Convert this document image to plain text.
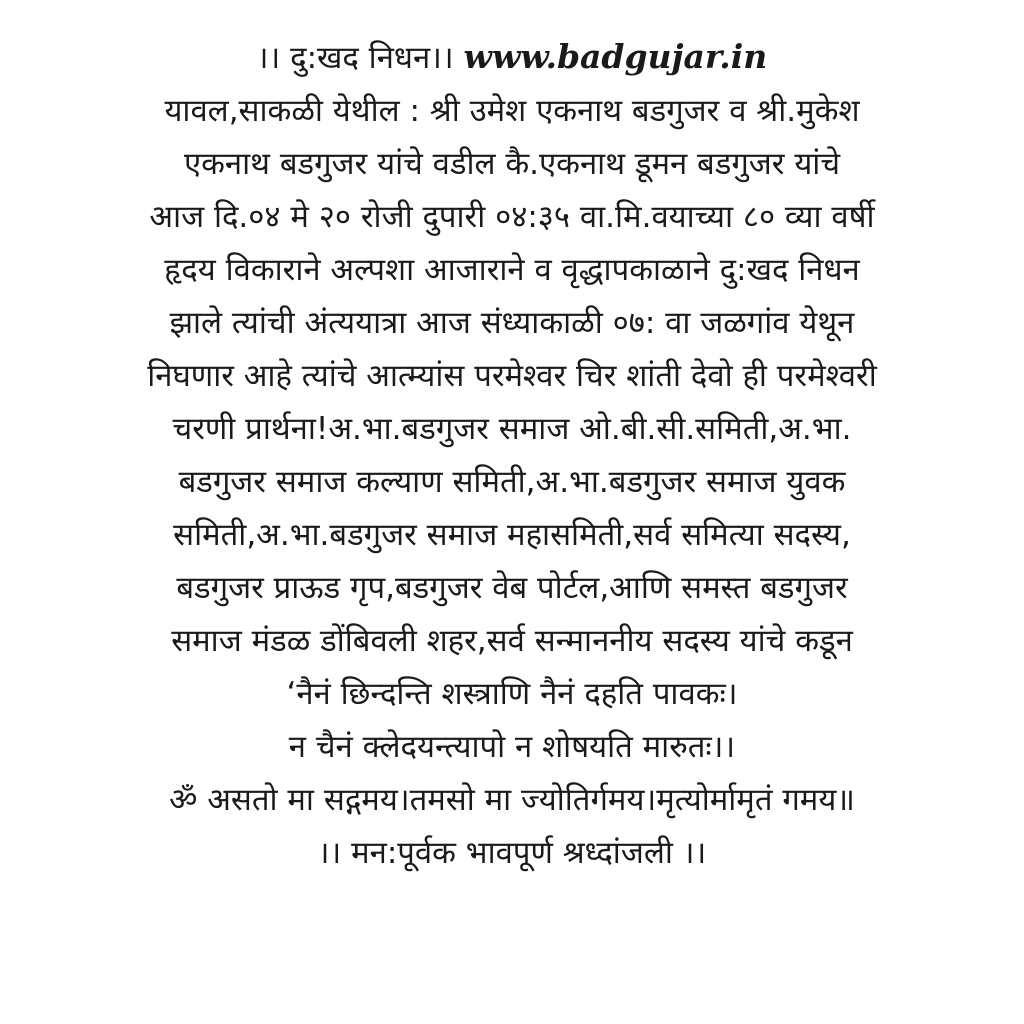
।। दु:खद निधन।। www.badgujar.in
यावल,साकळी येथील : श्री उमेश एकनाथ बडगुजर व श्री.मुकेश
एकनाथ बडगुजर यांचे वडील कै.एकनाथ डूमन बडगुजर यांचे
आज दि.०४ मे २० रोजी दुपारी ०४:३५ वा.मि.वयाच्या ८० व्या वर्षी
हृदय विकाराने अल्पशा आजाराने व वृद्धापकाळाने दु:खद निधन
झाले त्यांची अंत्ययात्रा आज संध्याकाळी ०७: वा जळगांव येथून
निघणार आहे त्यांचे आत्म्यांस परमेश्वर चिर शांती देवो ही परमेश्वरी
चरणी प्रार्थना!अ.भा.बडगुजर समाज ओ.बी.सी.समिती,अ.भा.
बडगुजर समाज कल्याण समिती,अ.भा.बडगुजर समाज युवक
समिती,अ.भा.बडगुजर समाज महासमिती,सर्व समित्या सदस्य,
बडगुजर प्राऊड गृप,बडगुजर वेब पोर्टल,आणि समस्त बडगुजर
समाज मंडळ डोंबिवली शहर,सर्व सन्माननीय सदस्य यांचे कडून
‘नैनं छिन्दन्ति शस्त्राणि नैनं दहति पावकः।
न चैनं क्लेदयन्त्यापो न शोषयति मारुतः।।
ॐ असतो मा सद्गमय।तमसो मा ज्योतिर्गमय।मृत्योर्मामृतं गमय॥
।। मन:पूर्वक भावपूर्ण श्रध्दांजली ।।
